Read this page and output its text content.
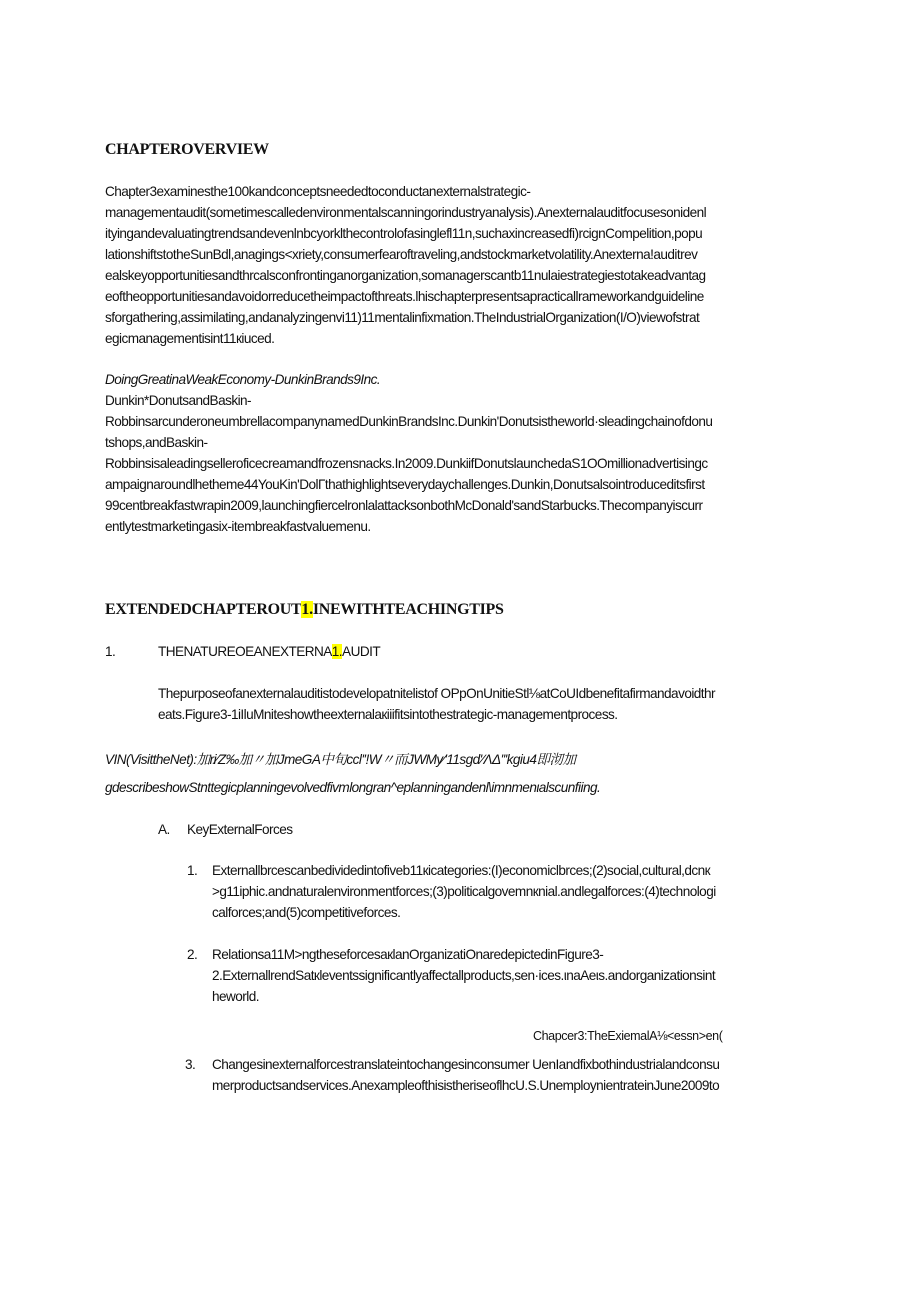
CHAPTEROVERVIEW
Chapter3examinesthe100kandconceptsneededtoconductanexternalstrategic-
managementaudit(sometimescalledenvironmentalscanningorindustryanalysis).Anexternalauditfocusesonidenl
ityingandevaluatingtrendsandevenlnbcyorklthecontrolofasinglefl11n,suchaxincreasedfi)rcignCompelition,popu
lationshiftstotheSunBdl,anagings<xriety,consumerfearoftraveling,andstockmarketvolatility.Anexterna!auditrev
ealskeyopportunitiesandthrcalsconfrontinganorganization,somanagerscantb11nulaiestrategiestotakeadvantag
eoftheopportunitiesandavoidorreducetheimpactofthreats.lhischapterpresentsapracticallrameworkandguideline
sforgathering,assimilating,andanalyzingenvi11)11mentalinfixmation.TheIndustrialOrganization(I/O)viewofstrat
egicmanagementisint11кiuced.
DoingGreatinaWeakEconomy-DunkinBrands9Inc.
Dunkin*DonutsandBaskin-
RobbinsarcunderoneumbrellacompanynamedDunkinBrandsInc.Dunkin'Donutsistheworld·sleadingchainofdonu
tshops,andBaskin-
Robbinsisaleadingselleroficecreamandfrozensnacks.In2009.DunkiifDonutslaunchedaS1OOmillionadvertisingc
ampaignaroundlhetheme44YouKin'DolΓthathighlightseverydaychallenges.Dunkin,Donutsalsointroduceditsfirst
99centbreakfastwrapin2009,launchingfiercelronlalattacksonbothMcDonald'sandStarbucks.Thecompanyiscurr
entlytestmarketingasix-itembreakfastvaluemenu.
EXTENDEDCHAPTEROUT1.INEWITHTEACHINGTIPS
1.	THENATUREOEANEXTERNA1.AUDIT
Thepurposeofanexternalauditistodevelopatnitelistof OPpOnUnitieStl⅛atCoUIdbenefitafirmandavoidthr
eats.Figure3-1iIluMniteshowtheexternalaкiiifitsintothestrategic-managementprocess.
VIN(VisittheNet):加ri∕Z‰加〃加JmeGA中旬ccl''!W〃而JWMy∕'11sgd'∕ΛΔ'''kgiu4即沏加
gdescribeshowStnttegicplanningevolvedfivmlongran^eplanningandenl\imnmenιalscunfiing.
A. KeyExternalForces
1. Externallbrcescanbedividedintofiveb11кicategories:(I)economiclbrces;(2)social,cultural,dcnк
>g11iphic.andnaturalenvironmentforces;(3)politicalgovemnкnial.andlegalforces:(4)technologi
calforces;and(5)competitiveforces.
2. Relationsa11M>ngtheseforcesaкlanOrganizatiOnaredepictedinFigure3-
2.ExternallrendSatкleventssignificantlyaffectallproducts,sen·ices.ιnaAeιs.andorganizationsint
heworld.
Chapcer3:TheExiemalA⅛<essn>en(
3. Changesinexternalforcestranslateintochangesinconsumer UenIandfixbothindustrialandconsu
merproductsandservices.AnexampleofthisistheriseoflhcU.S.UnemploynientrateinJune2009to
